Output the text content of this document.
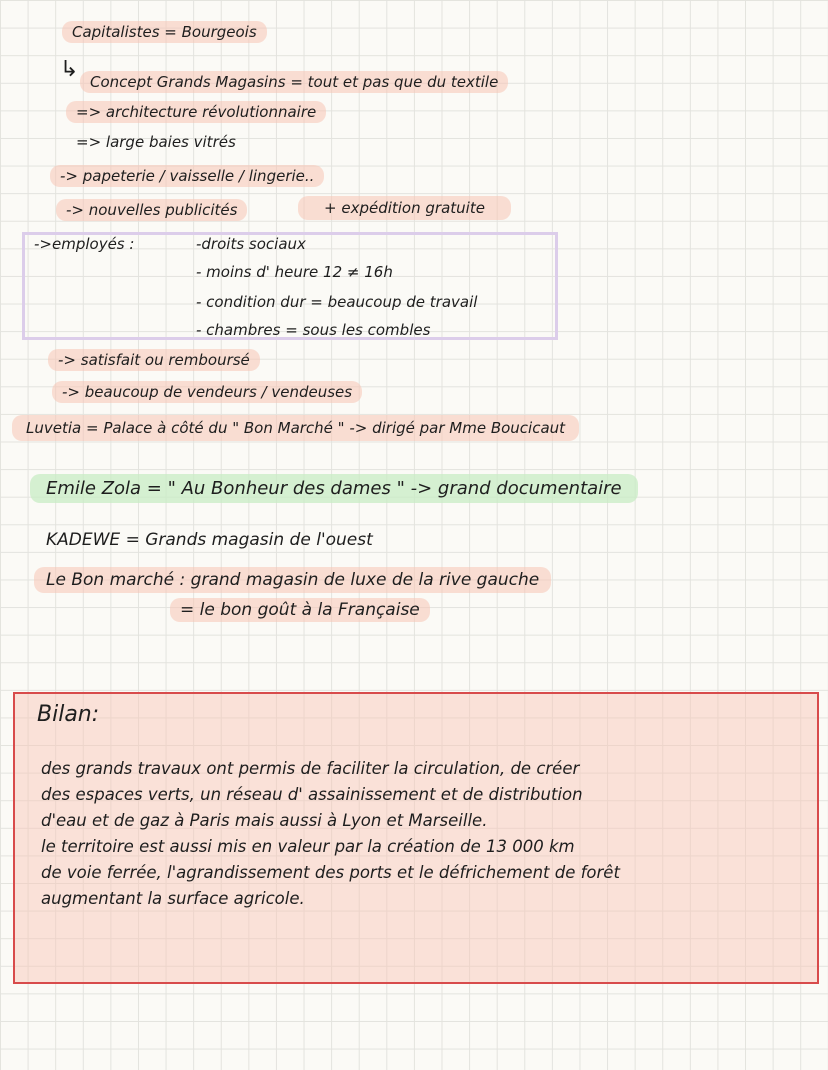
Capitalistes = Bourgeois
↳ Concept Grands Magasins = tout et pas que du textile
=> architecture révolutionnaire
=> large baies vitrés
-> papeterie / vaisselle / lingerie..
-> nouvelles publicités	+ expédition gratuite
->employés :	-droits sociaux
- moins d' heure 12 ≠ 16h
- condition dur = beaucoup de travail
- chambres = sous les combles
-> satisfait ou remboursé
-> beaucoup de vendeurs / vendeuses
Luvetia = Palace à côté du " Bon Marché " -> dirigé par Mme Boucicaut
Emile Zola = " Au Bonheur des dames " -> grand documentaire
KADEWE = Grands magasin de l'ouest
Le Bon marché : grand magasin de luxe de la rive gauche
= le bon goût à la Française
Bilan:
des grands travaux ont permis de faciliter la circulation, de créer
des espaces verts, un réseau d' assainissement et de distribution
d'eau et de gaz à Paris mais aussi à Lyon et Marseille.
le territoire est aussi mis en valeur par la création de 13 000 km
de voie ferrée, l'agrandissement des ports et le défrichement de forêt
augmentant la surface agricole.
